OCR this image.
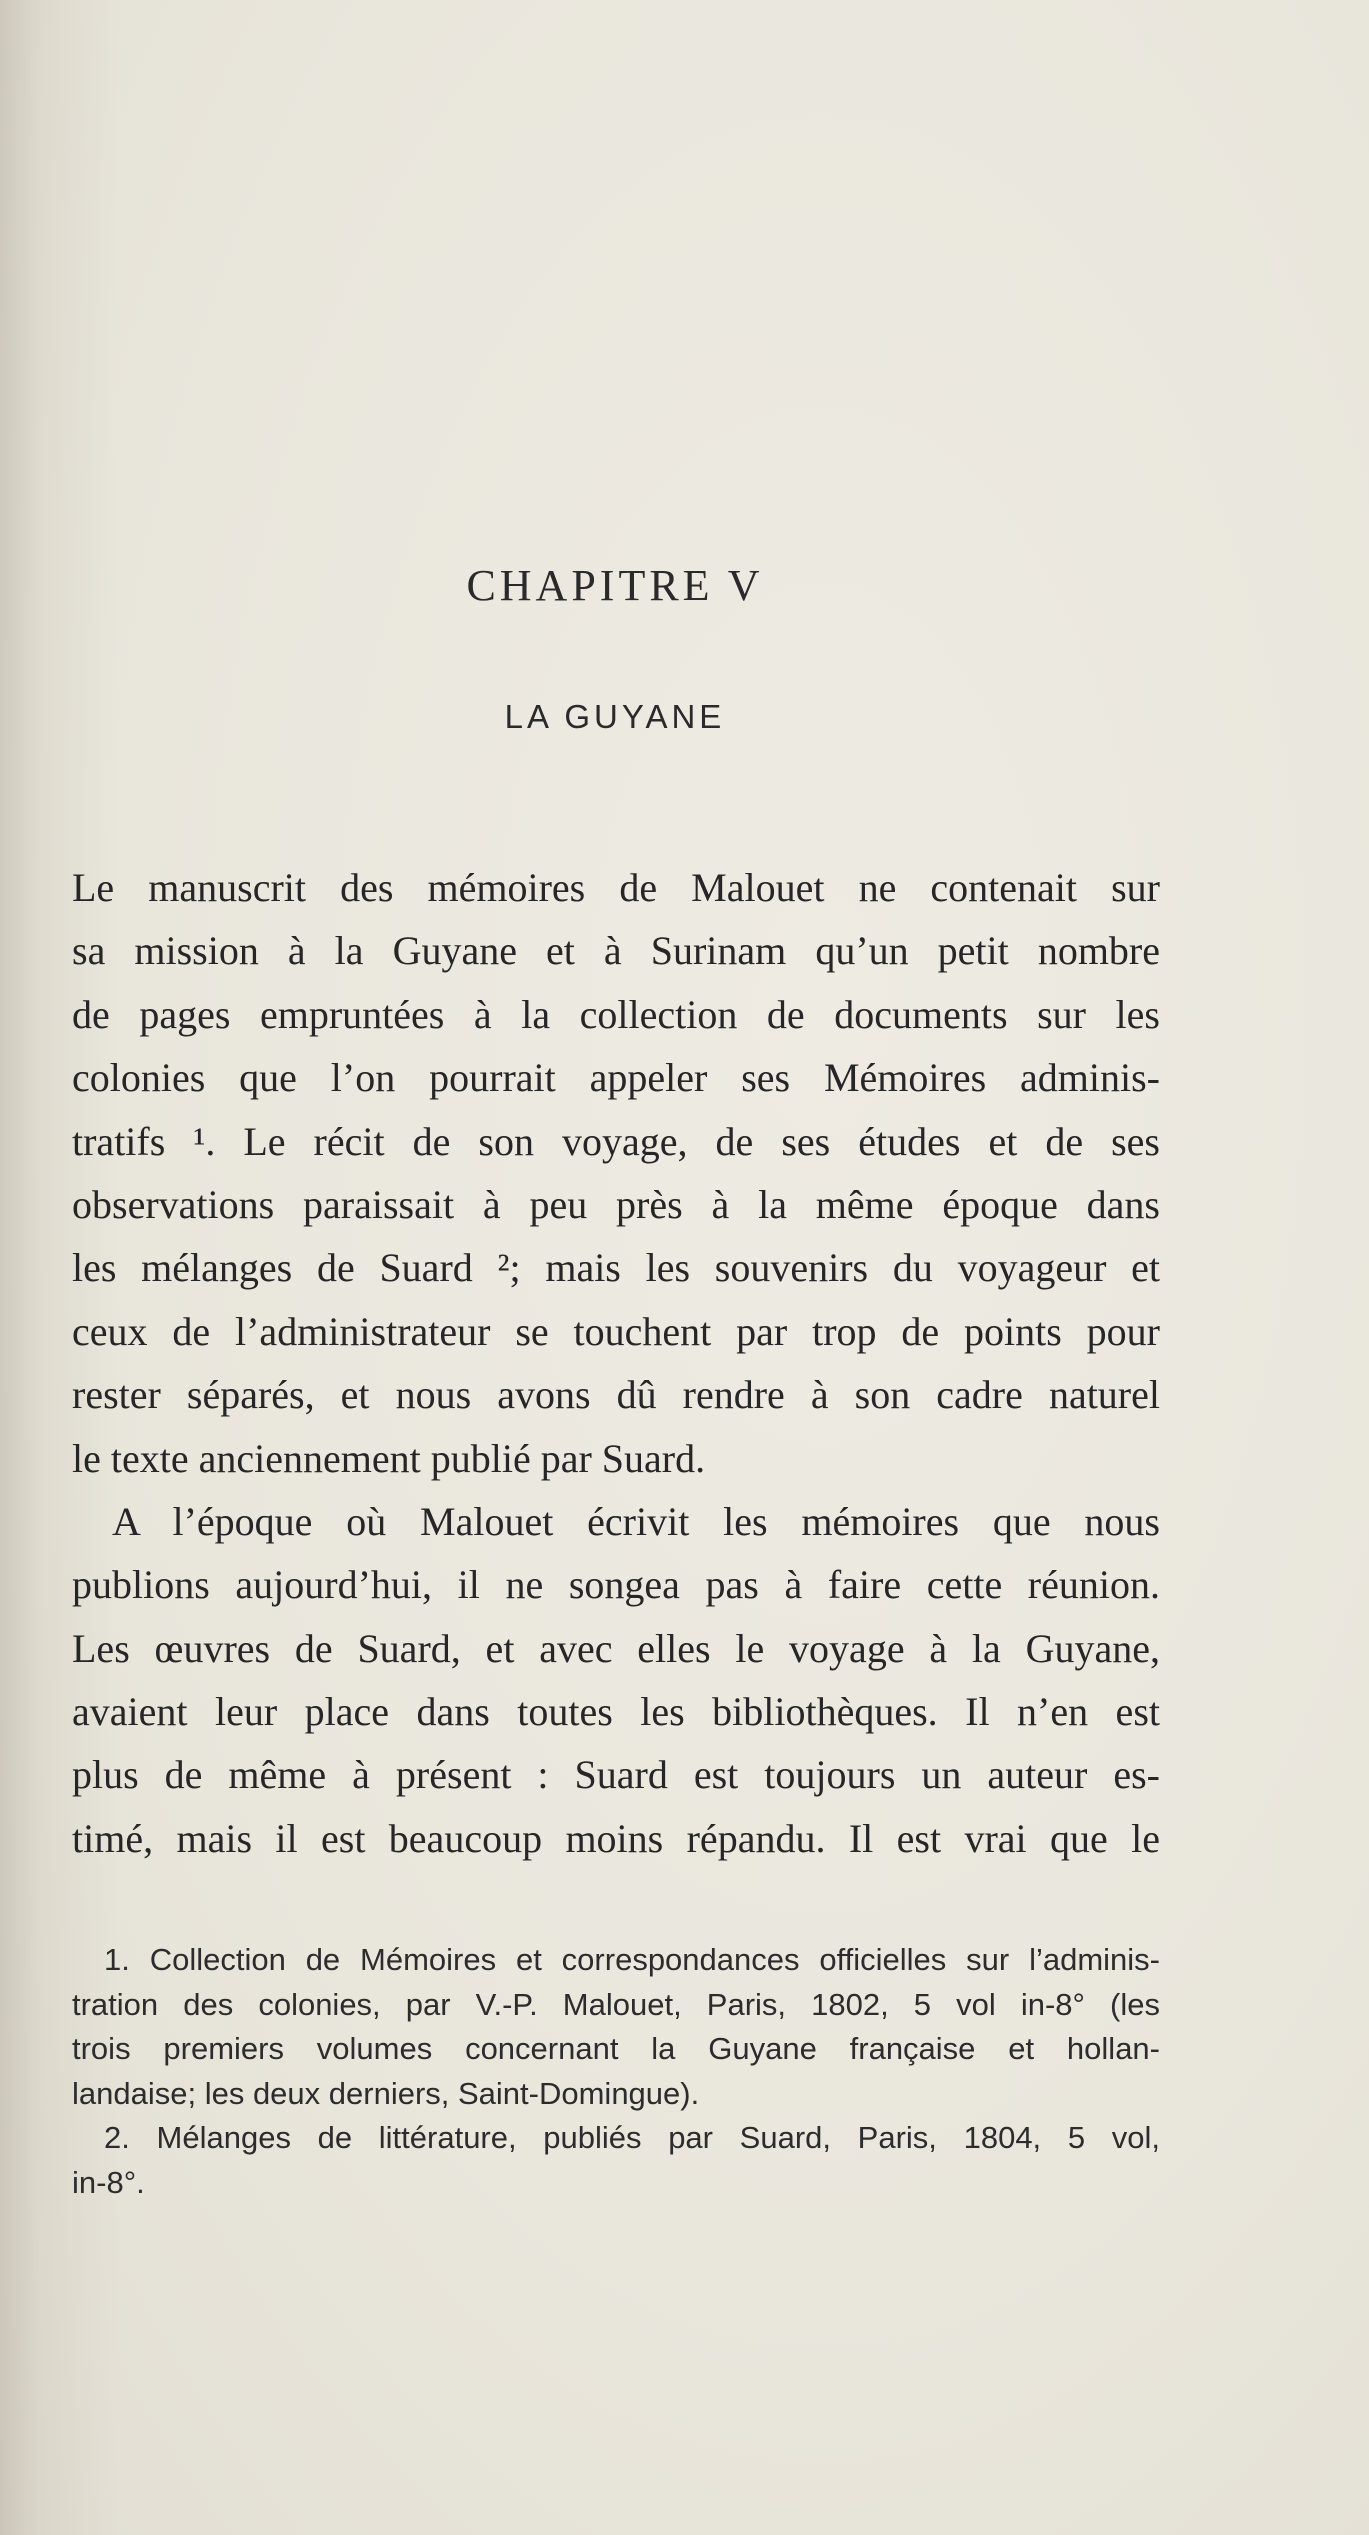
CHAPITRE V
LA GUYANE
Le manuscrit des mémoires de Malouet ne contenait sur
sa mission à la Guyane et à Surinam qu’un petit nombre
de pages empruntées à la collection de documents sur les
colonies que l’on pourrait appeler ses Mémoires adminis-
tratifs ¹. Le récit de son voyage, de ses études et de ses
observations paraissait à peu près à la même époque dans
les mélanges de Suard ²; mais les souvenirs du voyageur et
ceux de l’administrateur se touchent par trop de points pour
rester séparés, et nous avons dû rendre à son cadre naturel
le texte anciennement publié par Suard.
A l’époque où Malouet écrivit les mémoires que nous
publions aujourd’hui, il ne songea pas à faire cette réunion.
Les œuvres de Suard, et avec elles le voyage à la Guyane,
avaient leur place dans toutes les bibliothèques. Il n’en est
plus de même à présent : Suard est toujours un auteur es-
timé, mais il est beaucoup moins répandu. Il est vrai que le
1. Collection de Mémoires et correspondances officielles sur l’adminis-
tration des colonies, par V.-P. Malouet, Paris, 1802, 5 vol in-8° (les
trois premiers volumes concernant la Guyane française et hollan-
landaise; les deux derniers, Saint-Domingue).
2. Mélanges de littérature, publiés par Suard, Paris, 1804, 5 vol,
in-8°.
